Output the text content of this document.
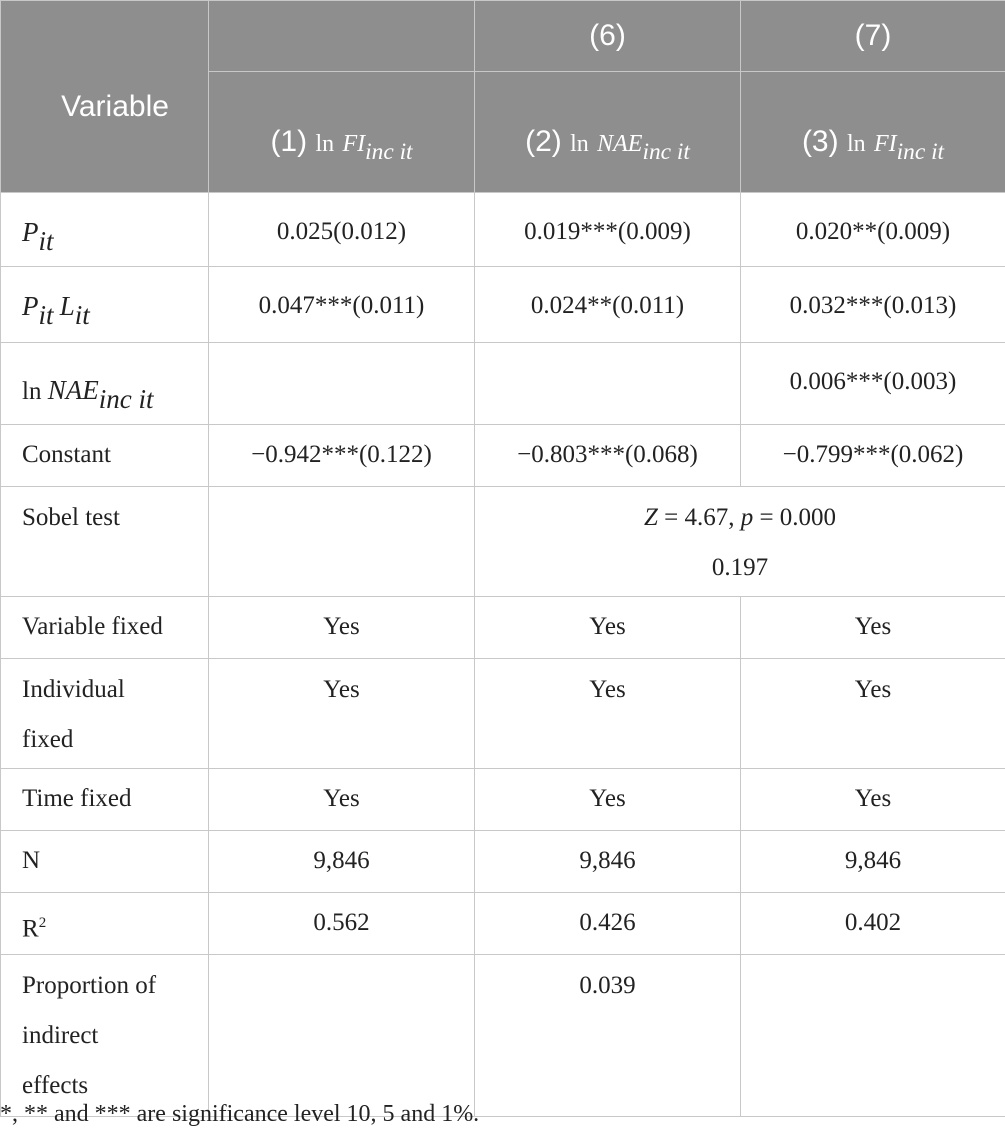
Variable		(6)	(7)
	(1) $\ln FI_{inc it}$	(2) $\ln NAE_{inc it}$	(3) $\ln FI_{inc it}$
Pit	0.025(0.012)	0.019***(0.009)	0.020**(0.009)
Pit Lit	0.047***(0.011)	0.024**(0.011)	0.032***(0.013)
ln NAEinc it			0.006***(0.003)
Constant	−0.942***(0.122)	−0.803***(0.068)	−0.799***(0.062)
Sobel test		Z = 4.67, p = 0.000
0.197	

Variable fixed	Yes	Yes	Yes

Individual
fixed	Yes	Yes	Yes
Time fixed	Yes	Yes	Yes
N	9,846	9,846	9,846
$R^2$	0.562	0.426	0.402

Proportion of
indirect
effects		0.039	
*, ** and *** are significance level 10, 5 and 1%.
